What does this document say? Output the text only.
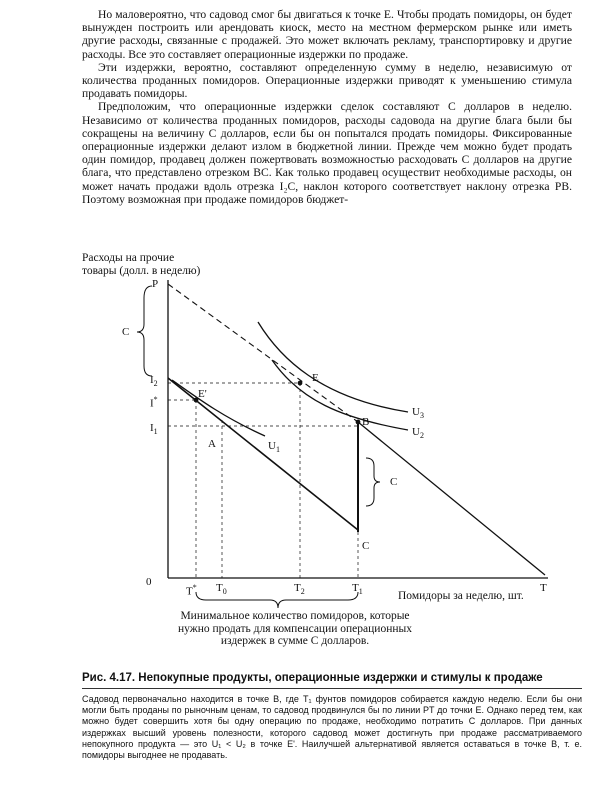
Но маловероятно, что садовод смог бы двигаться к точке E. Чтобы продать помидоры, он будет вынужден построить или арендовать киоск, место на местном фермерском рынке или иметь другие расходы, связанные с продажей. Это может включать рекламу, транспортировку и другие расходы. Все это составляет операционные издержки по продаже.

Эти издержки, вероятно, составляют определенную сумму в неделю, независимую от количества проданных помидоров. Операционные издержки приводят к уменьшению стимула продавать помидоры.

Предположим, что операционные издержки сделок составляют C долларов в неделю. Независимо от количества проданных помидоров, расходы садовода на другие блага были бы сокращены на величину C долларов, если бы он попытался продать помидоры. Фиксированные операционные издержки делают излом в бюджетной линии. Прежде чем можно будет продать один помидор, продавец должен пожертвовать возможностью расходовать C долларов на другие блага, что представлено отрезком BC. Как только продавец осуществит необходимые расходы, он может начать продажи вдоль отрезка I₂C, наклон которого соответствует наклону отрезка PB. Поэтому возможная при продаже помидоров бюджет-

Расходы на прочие
товары (долл. в неделю)
P
C
$I_2$
I*
$I_1$
E
E'
A
B
$U_1$
$U_3$
$U_2$
C
C
0
T* $T_0$	$T_2$	$T_1$	T
Помидоры за неделю, шт.
Минимальное количество помидоров, которые
нужно продать для компенсации операционных
издержек в сумме C долларов.
Рис. 4.17. Непокупные продукты, операционные издержки и стимулы к продаже
Садовод первоначально находится в точке B, где T₁ фунтов помидоров собирается каждую неделю. Если бы они могли быть проданы по рыночным ценам, то садовод продвинулся бы по линии PT до точки E. Однако перед тем, как можно будет совершить хотя бы одну операцию по продаже, необходимо потратить C долларов. При данных издержках высший уровень полезности, которого садовод может достигнуть при продаже рассматриваемого непокупного продукта — это U₁ < U₂ в точке E'. Наилучшей альтернативой является оставаться в точке B, т. е. помидоры выгоднее не продавать.
